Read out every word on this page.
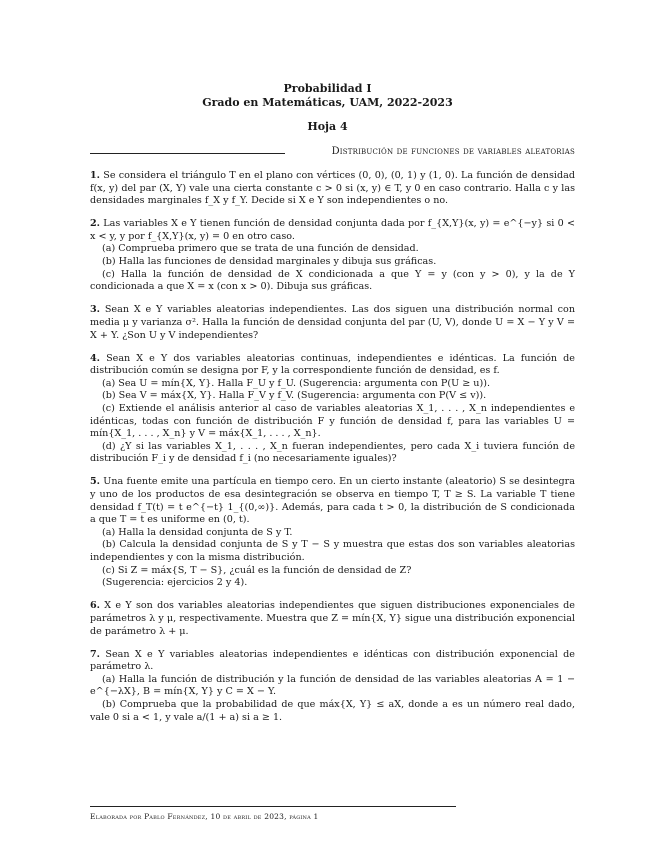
Probabilidad I
Grado en Matemáticas, UAM, 2022-2023
Hoja 4
Distribución de funciones de variables aleatorias

1. Se considera el triángulo T en el plano con vértices (0, 0), (0, 1) y (1, 0). La función de densidad f(x, y) del par (X, Y) vale una cierta constante c > 0 si (x, y) ∈ T, y 0 en caso contrario. Halla c y las densidades marginales f_X y f_Y. Decide si X e Y son independientes o no.

2. Las variables X e Y tienen función de densidad conjunta dada por f_{X,Y}(x, y) = e^{−y} si 0 < x < y, y por f_{X,Y}(x, y) = 0 en otro caso.

(a) Comprueba primero que se trata de una función de densidad.

(b) Halla las funciones de densidad marginales y dibuja sus gráficas.

(c) Halla la función de densidad de X condicionada a que Y = y (con y > 0), y la de Y condicionada a que X = x (con x > 0). Dibuja sus gráficas.

3. Sean X e Y variables aleatorias independientes. Las dos siguen una distribución normal con media μ y varianza σ². Halla la función de densidad conjunta del par (U, V), donde U = X − Y y V = X + Y. ¿Son U y V independientes?

4. Sean X e Y dos variables aleatorias continuas, independientes e idénticas. La función de distribución común se designa por F, y la correspondiente función de densidad, es f.

(a) Sea U = mín{X, Y}. Halla F_U y f_U. (Sugerencia: argumenta con P(U ≥ u)).

(b) Sea V = máx{X, Y}. Halla F_V y f_V. (Sugerencia: argumenta con P(V ≤ v)).

(c) Extiende el análisis anterior al caso de variables aleatorias X_1, . . . , X_n independientes e idénticas, todas con función de distribución F y función de densidad f, para las variables U = mín{X_1, . . . , X_n} y V = máx{X_1, . . . , X_n}.

(d) ¿Y si las variables X_1, . . . , X_n fueran independientes, pero cada X_i tuviera función de distribución F_i y de densidad f_i (no necesariamente iguales)?

5. Una fuente emite una partícula en tiempo cero. En un cierto instante (aleatorio) S se desintegra y uno de los productos de esa desintegración se observa en tiempo T, T ≥ S. La variable T tiene densidad f_T(t) = t e^{−t} 1_{(0,∞)}. Además, para cada t > 0, la distribución de S condicionada a que T = t es uniforme en (0, t).

(a) Halla la densidad conjunta de S y T.

(b) Calcula la densidad conjunta de S y T − S y muestra que estas dos son variables aleatorias independientes y con la misma distribución.

(c) Si Z = máx{S, T − S}, ¿cuál es la función de densidad de Z?

(Sugerencia: ejercicios 2 y 4).

6. X e Y son dos variables aleatorias independientes que siguen distribuciones exponenciales de parámetros λ y μ, respectivamente. Muestra que Z = mín{X, Y} sigue una distribución exponencial de parámetro λ + μ.

7. Sean X e Y variables aleatorias independientes e idénticas con distribución exponencial de parámetro λ.

(a) Halla la función de distribución y la función de densidad de las variables aleatorias A = 1 − e^{−λX}, B = mín{X, Y} y C = X − Y.

(b) Comprueba que la probabilidad de que máx{X, Y} ≤ aX, donde a es un número real dado, vale 0 si a < 1, y vale a/(1 + a) si a ≥ 1.

Elaborada por Pablo Fernández, 10 de abril de 2023, página 1
